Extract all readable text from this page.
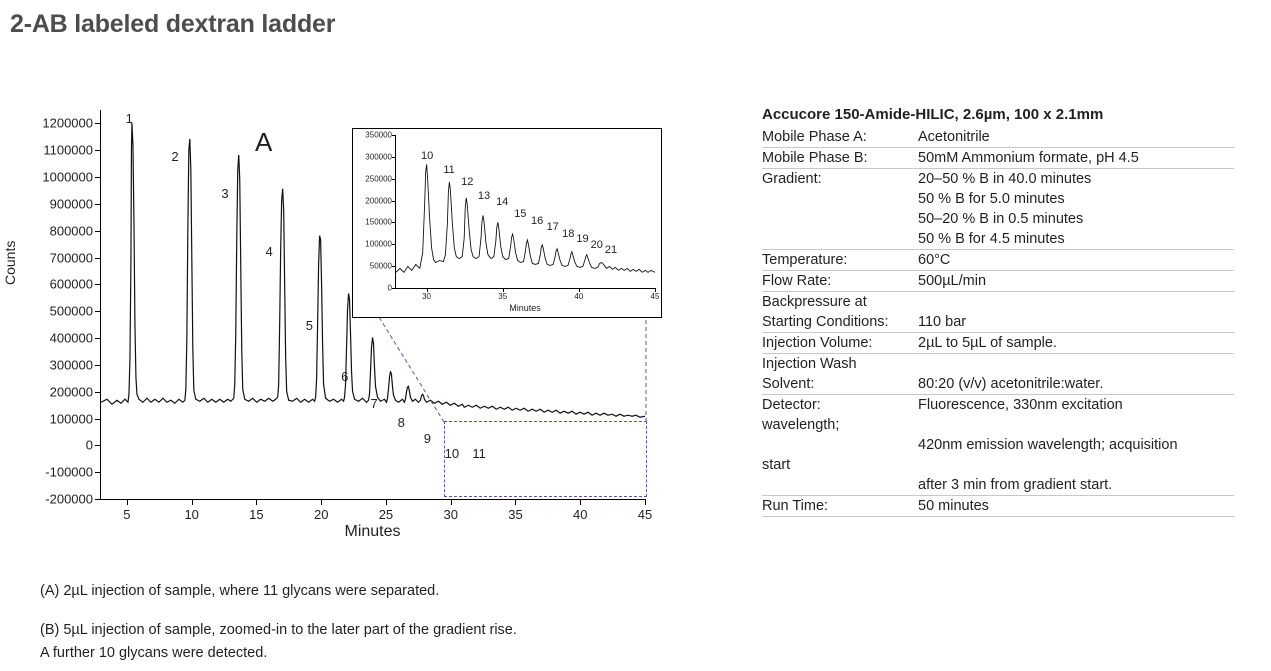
2-AB labeled dextran ladder
Counts
Minutes
1200000
1100000
1000000
900000
800000
700000
600000
500000
400000
300000
200000
100000
0
-100000
-200000
5	10	15	20	25	30	35	40	45
1
2
3
4
5
6
7
8
9
10 11
A	350000
300000
250000
200000
150000
100000
50000
0
30	35	40	45
10
11
12
13
14
15
16
17
18 19
20 21
Minutes
Accucore 150-Amide-HILIC, 2.6µm, 100 x 2.1mm
Mobile Phase A:	Acetonitrile
Mobile Phase B:	50mM Ammonium formate, pH 4.5
Gradient:	20–50 % B in 40.0 minutes
	50 % B for 5.0 minutes
	50–20 % B in 0.5 minutes
	50 % B for 4.5 minutes
Temperature:	60°C
Flow Rate:	500µL/min
Backpressure at	
Starting Conditions:	110 bar
Injection Volume:	2µL to 5µL of sample.
Injection Wash	
Solvent:	80:20 (v/v) acetonitrile:water.
Detector:	Fluorescence, 330nm excitation
wavelength;	
	420nm emission wavelength; acquisition
start	
	after 3 min from gradient start.
Run Time:	50 minutes
(A) 2µL injection of sample, where 11 glycans were separated.
(B) 5µL injection of sample, zoomed-in to the later part of the gradient rise.
A further 10 glycans were detected.
